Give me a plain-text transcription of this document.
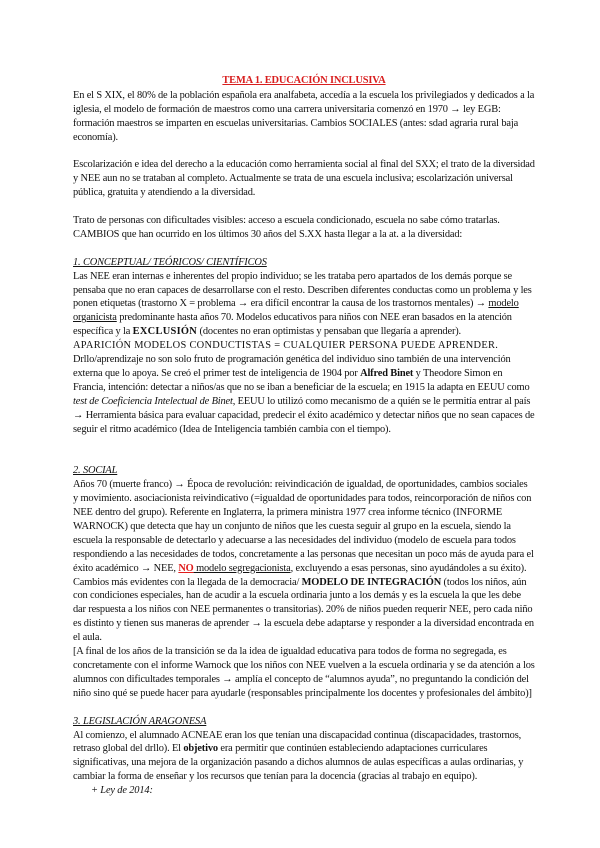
TEMA 1. EDUCACIÓN INCLUSIVA

En el S XIX, el 80% de la población española era analfabeta, accedía a la escuela los privilegiados y dedicados a la iglesia, el modelo de formación de maestros como una carrera universitaria comenzó en 1970 → ley EGB: formación maestros se imparten en escuelas universitarias. Cambios SOCIALES (antes: sdad agraria rural baja economía).

Escolarización e idea del derecho a la educación como herramienta social al final del SXX; el trato de la diversidad y NEE aun no se trataban al completo. Actualmente se trata de una escuela inclusiva; escolarización universal pública, gratuita y atendiendo a la diversidad.

Trato de personas con dificultades visibles: acceso a escuela condicionado, escuela no sabe cómo tratarlas. CAMBIOS que han ocurrido en los últimos 30 años del S.XX hasta llegar a la at. a la diversidad:

1. CONCEPTUAL/ TEÓRICOS/ CIENTÍFICOS

Las NEE eran internas e inherentes del propio individuo; se les trataba pero apartados de los demás porque se pensaba que no eran capaces de desarrollarse con el resto. Describen diferentes conductas como un problema y les ponen etiquetas (trastorno X = problema → era difícil encontrar la causa de los trastornos mentales) → modelo organicista predominante hasta años 70. Modelos educativos para niños con NEE eran basados en la atención específica y la EXCLUSIÓN (docentes no eran optimistas y pensaban que llegaría a aprender).

APARICIÓN MODELOS CONDUCTISTAS = CUALQUIER PERSONA PUEDE APRENDER.

Drllo/aprendizaje no son solo fruto de programación genética del individuo sino también de una intervención externa que lo apoya. Se creó el primer test de inteligencia de 1904 por Alfred Binet y Theodore Simon en Francia, intención: detectar a niños/as que no se iban a beneficiar de la escuela; en 1915 la adapta en EEUU como test de Coeficiencia Intelectual de Binet, EEUU lo utilizó como mecanismo de a quién se le permitía entrar al país → Herramienta básica para evaluar capacidad, predecir el éxito académico y detectar niños que no sean capaces de seguir el ritmo académico (Idea de Inteligencia también cambia con el tiempo).

2. SOCIAL

Años 70 (muerte franco) → Época de revolución: reivindicación de igualdad, de oportunidades, cambios sociales y movimiento. asociacionista reivindicativo (=igualdad de oportunidades para todos, reincorporación de niños con NEE dentro del grupo). Referente en Inglaterra, la primera ministra 1977 crea informe técnico (INFORME WARNOCK) que detecta que hay un conjunto de niños que les cuesta seguir al grupo en la escuela, siendo la escuela la responsable de detectarlo y adecuarse a las necesidades del individuo (modelo de escuela para todos respondiendo a las necesidades de todos, concretamente a las personas que necesitan un poco más de ayuda para el éxito académico → NEE, NO modelo segregacionista, excluyendo a esas personas, sino ayudándoles a su éxito). Cambios más evidentes con la llegada de la democracia/ MODELO DE INTEGRACIÓN (todos los niños, aún con condiciones especiales, han de acudir a la escuela ordinaria junto a los demás y es la escuela la que les debe dar respuesta a los niños con NEE permanentes o transitorias). 20% de niños pueden requerir NEE, pero cada niño es distinto y tienen sus maneras de aprender → la escuela debe adaptarse y responder a la diversidad encontrada en el aula.

[A final de los años de la transición se da la idea de igualdad educativa para todos de forma no segregada, es concretamente con el informe Warnock que los niños con NEE vuelven a la escuela ordinaria y se da atención a los alumnos con dificultades temporales → amplía el concepto de “alumnos ayuda”, no preguntando la condición del niño sino qué se puede hacer para ayudarle (responsables principalmente los docentes y profesionales del ámbito)]

3. LEGISLACIÓN ARAGONESA

Al comienzo, el alumnado ACNEAE eran los que tenían una discapacidad continua (discapacidades, trastornos, retraso global del drllo). El objetivo era permitir que continúen estableciendo adaptaciones curriculares significativas, una mejora de la organización pasando a dichos alumnos de aulas específicas a aulas ordinarias, y cambiar la forma de enseñar y los recursos que tenían para la docencia (gracias al trabajo en equipo).

+ Ley de 2014:
